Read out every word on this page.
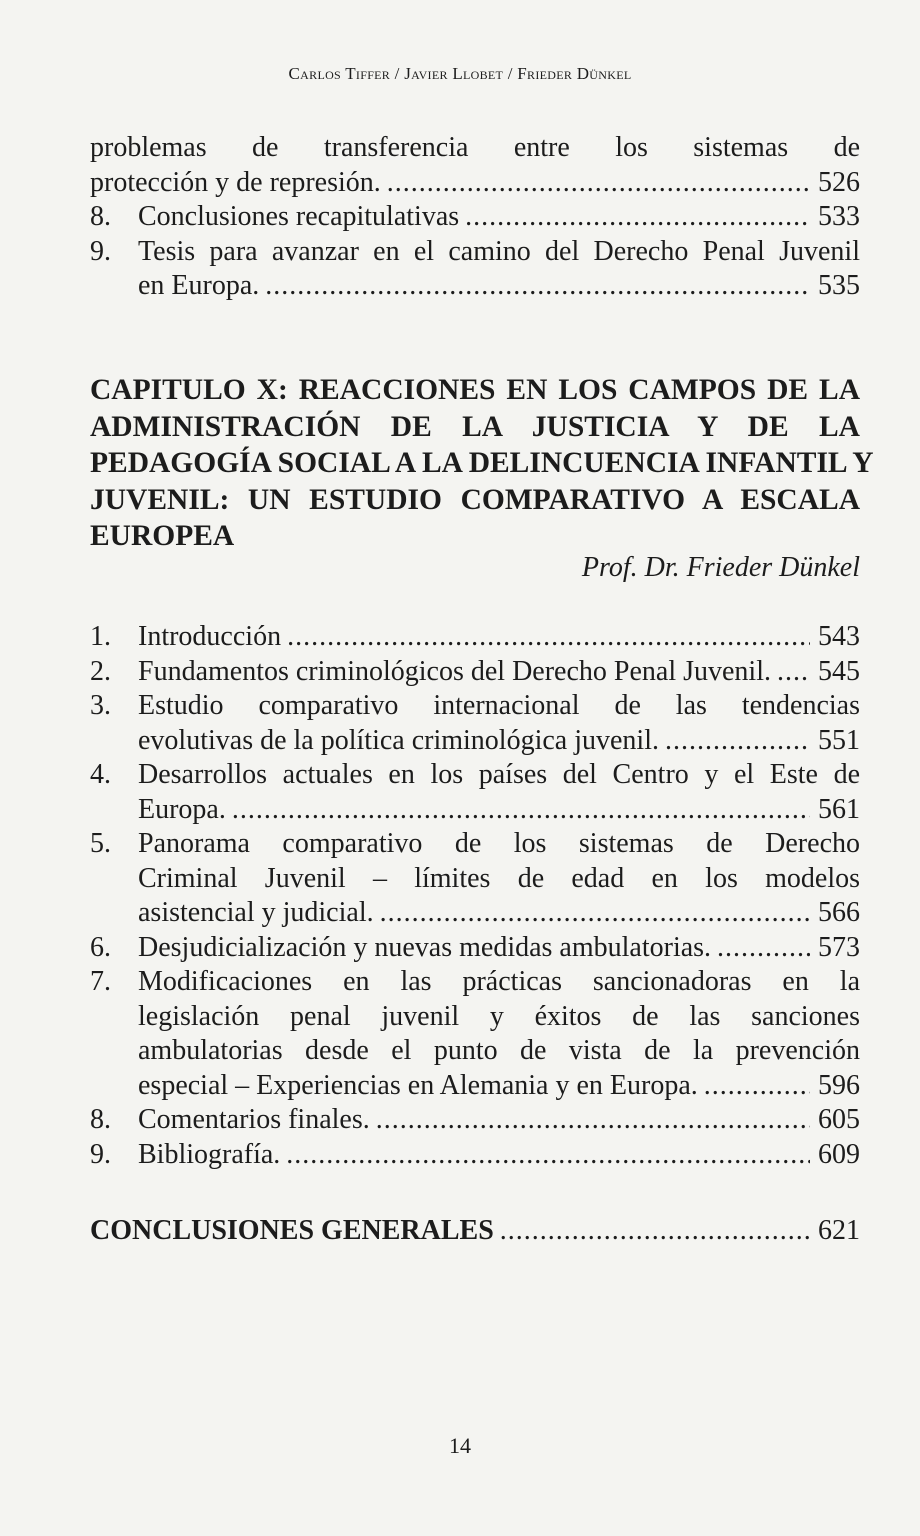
Carlos Tiffer / Javier Llobet / Frieder Dünkel
problemas de transferencia entre los sistemas de
protección y de represión. .....	526
8. Conclusiones recapitulativas .....	533
9. Tesis para avanzar en el camino del Derecho Penal Juvenil
en Europa. .....	535
CAPITULO X: REACCIONES EN LOS CAMPOS DE LA
ADMINISTRACIÓN DE LA JUSTICIA Y DE LA
PEDAGOGÍA SOCIAL A LA DELINCUENCIA INFANTIL Y
JUVENIL: UN ESTUDIO COMPARATIVO A ESCALA
EUROPEA
Prof. Dr. Frieder Dünkel
1. Introducción .....	543
2. Fundamentos criminológicos del Derecho Penal Juvenil. ..... 545
3. Estudio comparativo internacional de las tendencias
evolutivas de la política criminológica juvenil. .....	551
4. Desarrollos actuales en los países del Centro y el Este de
Europa. .....	561
5. Panorama comparativo de los sistemas de Derecho
Criminal Juvenil – límites de edad en los modelos
asistencial y judicial. .....	566
6. Desjudicialización y nuevas medidas ambulatorias. .....	573
7. Modificaciones en las prácticas sancionadoras en la
legislación penal juvenil y éxitos de las sanciones
ambulatorias desde el punto de vista de la prevención
especial – Experiencias en Alemania y en Europa. .....	596
8. Comentarios finales. .....	605
9. Bibliografía. .....	609
CONCLUSIONES GENERALES .....	621
14
